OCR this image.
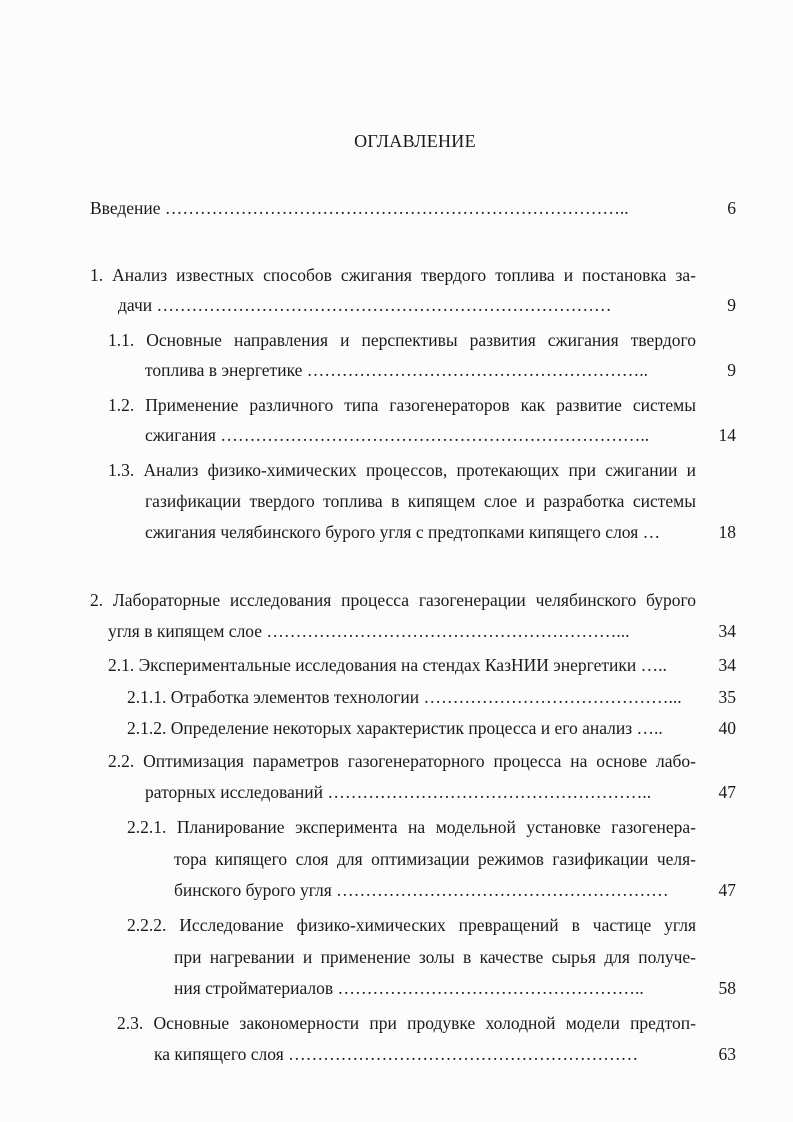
ОГЛАВЛЕНИЕ
Введение ……………………………………………………………………..	6
1. Анализ известных способов сжигания твердого топлива и постановка за-
дачи ……………………………………………………………………	9
1.1. Основные направления и перспективы развития сжигания твердого
топлива в энергетике …………………………………………………..	9
1.2. Применение различного типа газогенераторов как развитие системы
сжигания ………………………………………………………………..	14
1.3. Анализ физико-химических процессов, протекающих при сжигании и
газификации твердого топлива в кипящем слое и разработка системы
сжигания челябинского бурого угля с предтопками кипящего слоя …	18
2. Лабораторные исследования процесса газогенерации челябинского бурого
угля в кипящем слое ……………………………………………………...	34
2.1. Экспериментальные исследования на стендах КазНИИ энергетики …..	34
2.1.1. Отработка элементов технологии ……………………………………...	35
2.1.2. Определение некоторых характеристик процесса и его анализ …..	40
2.2. Оптимизация параметров газогенераторного процесса на основе лабо-
раторных исследований ………………………………………………..	47
2.2.1. Планирование эксперимента на модельной установке газогенера-
тора кипящего слоя для оптимизации режимов газификации челя-
бинского бурого угля …………………………………………………	47
2.2.2. Исследование физико-химических превращений в частице угля
при нагревании и применение золы в качестве сырья для получе-
ния стройматериалов ……………………………………………..	58
2.3. Основные закономерности при продувке холодной модели предтоп-
ка кипящего слоя ……………………………………………………	63
